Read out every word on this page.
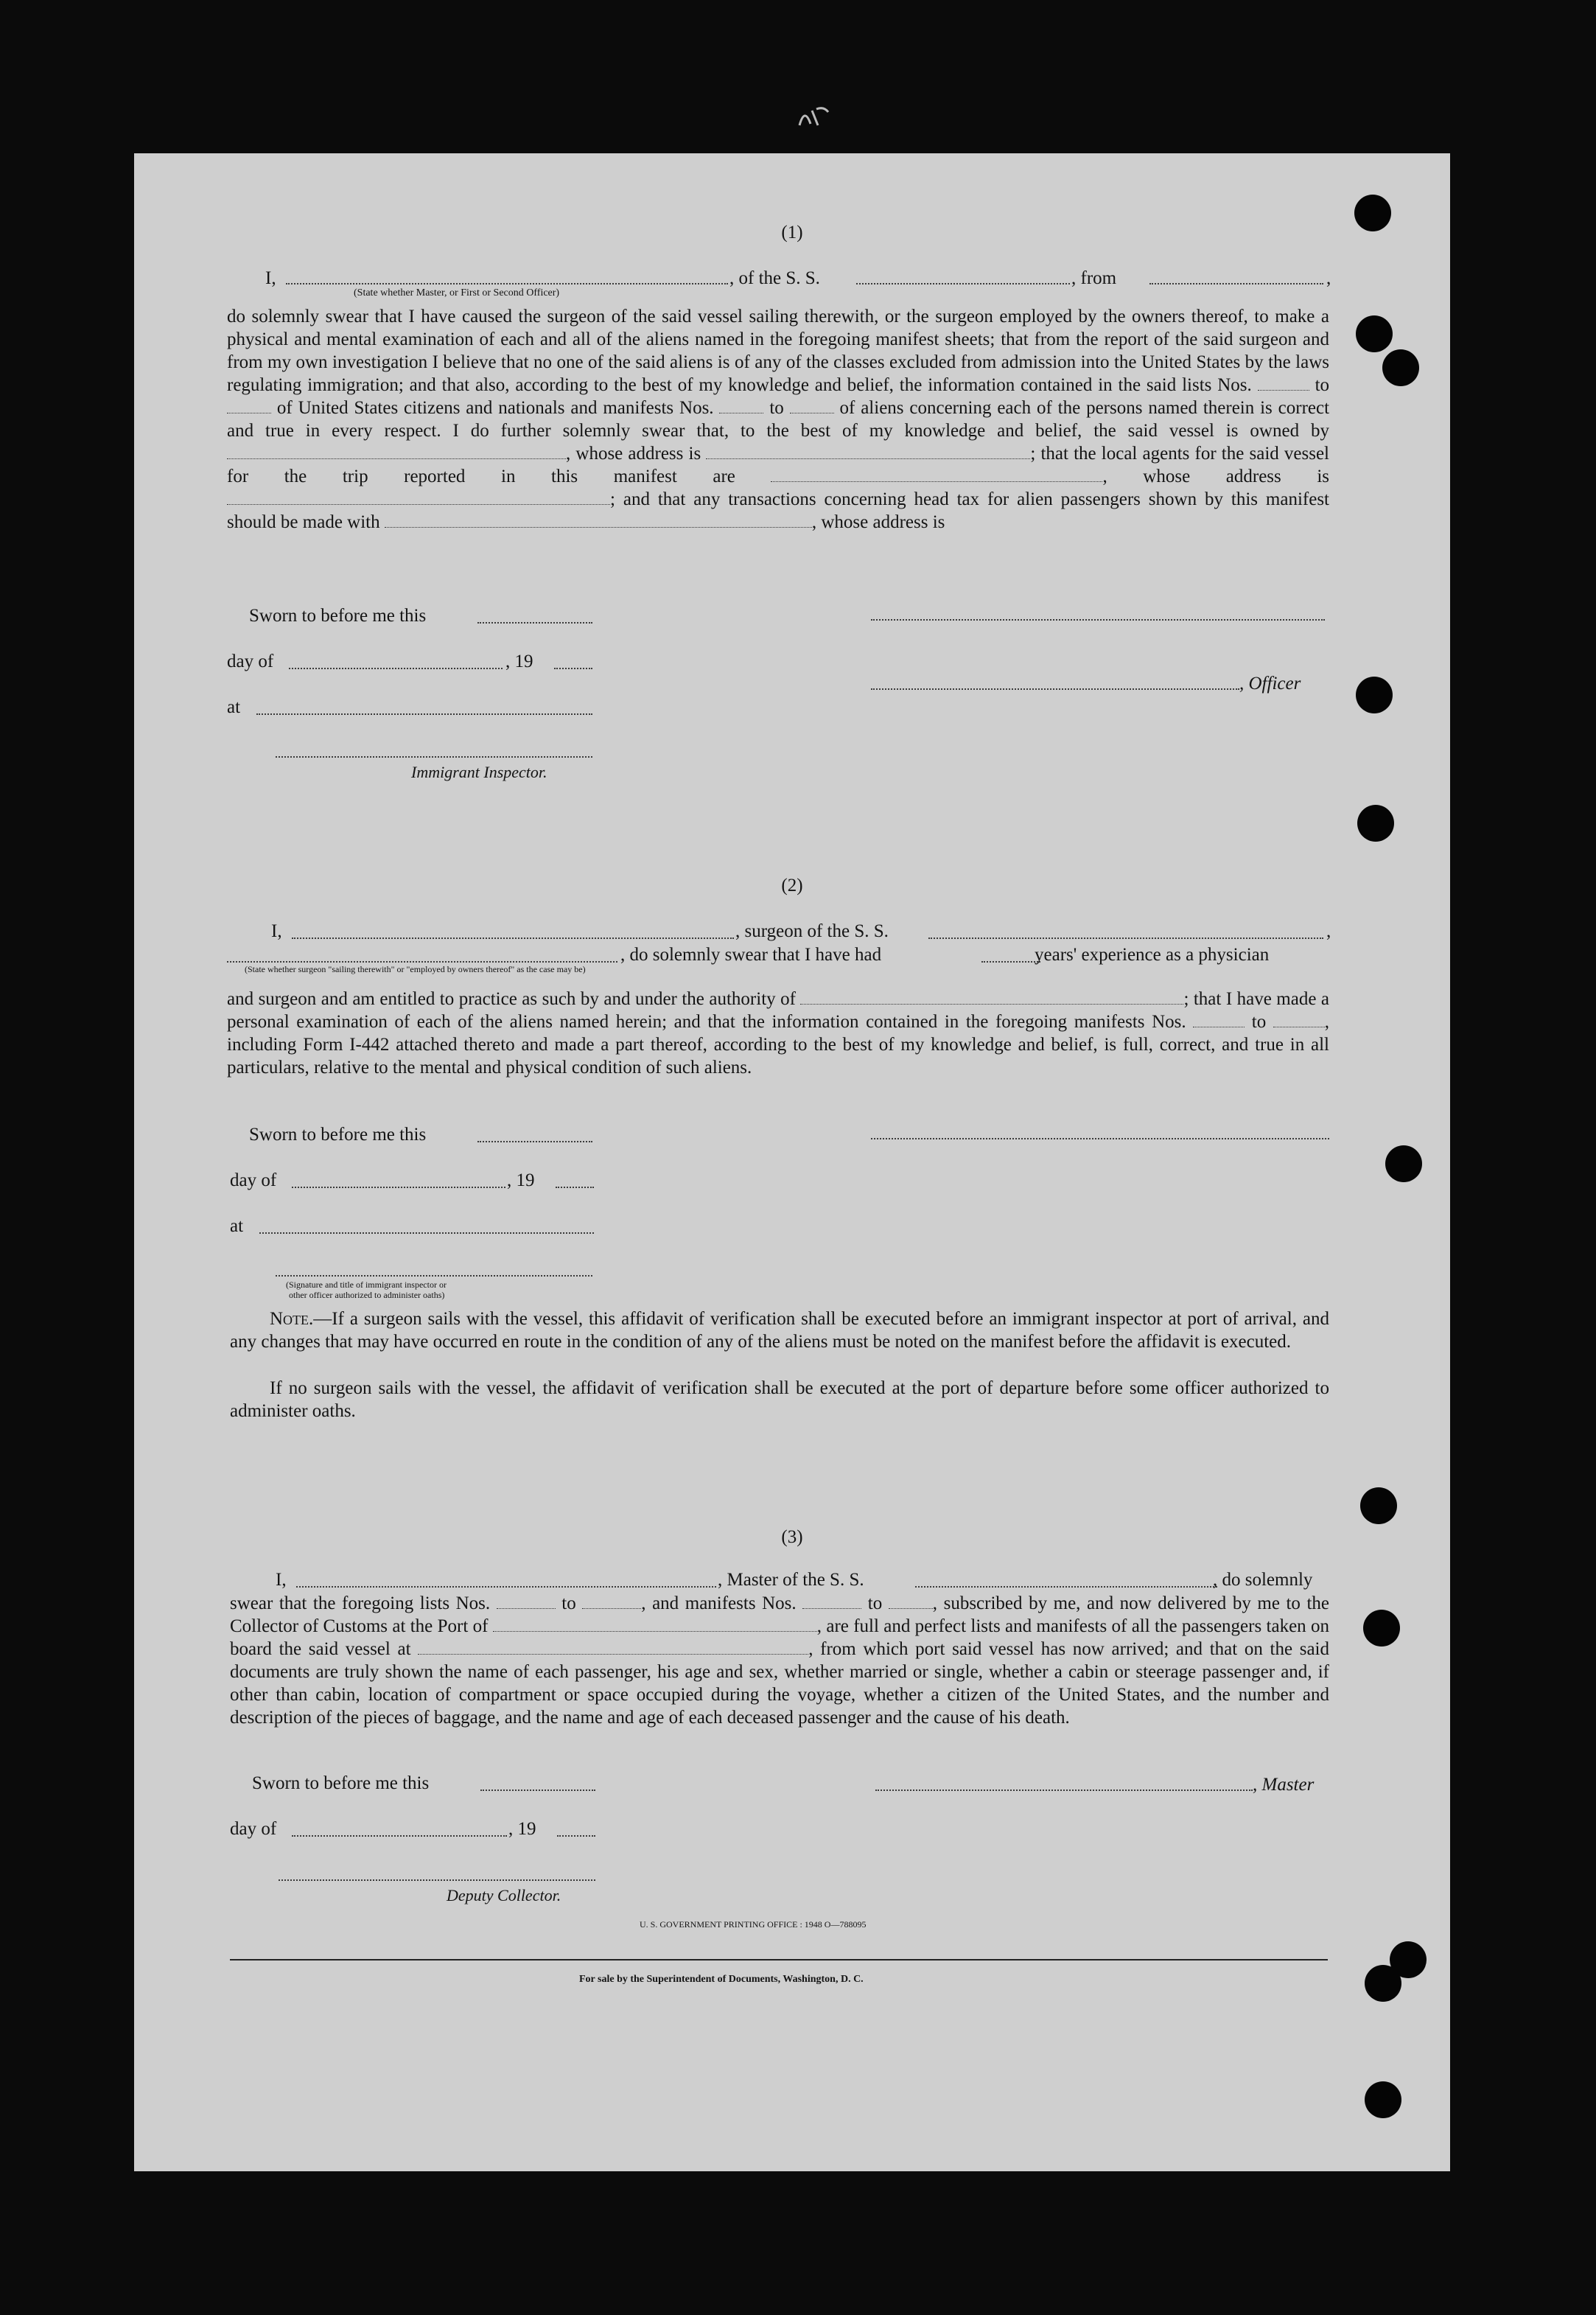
(1)
I,	, of the S. S.	, from	,
(State whether Master, or First or Second Officer)
do solemnly swear that I have caused the surgeon of the said vessel sailing therewith, or the surgeon employed by the owners thereof, to make a physical and mental examination of each and all of the aliens named in the foregoing manifest sheets; that from the report of the said surgeon and from my own investigation I believe that no one of the said aliens is of any of the classes excluded from admission into the United States by the laws regulating immigration; and that also, according to the best of my knowledge and belief, the information contained in the said lists Nos.	to  of United States citizens and nationals and manifests Nos.	to	of aliens concerning each of the persons named therein is correct and true in every respect. I do further solemnly swear that, to the best of my knowledge and belief, the said vessel is owned by , whose address is	; that the local agents for the said vessel for the trip reported in this manifest are	, whose address is ; and that any transactions concerning head tax for alien passengers shown by this manifest should be made with	, whose address is
Sworn to before me this
day of	, 19
, Officer
at
Immigrant Inspector.
(2)
I,	, surgeon of the S. S.	,
, do solemnly swear that I have had	years' experience as a physician
(State whether surgeon "sailing therewith" or "employed by owners thereof" as the case may be)
and surgeon and am entitled to practice as such by and under the authority of	; that I have made a personal examination of each of the aliens named herein; and that the information contained in the foregoing manifests Nos.	to	, including Form I-442 attached thereto and made a part thereof, according to the best of my knowledge and belief, is full, correct, and true in all particulars, relative to the mental and physical condition of such aliens.
Sworn to before me this
day of	, 19
at
(Signature and title of immigrant inspector or
other officer authorized to administer oaths)
Note.—If a surgeon sails with the vessel, this affidavit of verification shall be executed before an immigrant inspector at port of arrival, and any changes that may have occurred en route in the condition of any of the aliens must be noted on the manifest before the affidavit is executed.
If no surgeon sails with the vessel, the affidavit of verification shall be executed at the port of departure before some officer authorized to administer oaths.
(3)
I,	, Master of the S. S.	, do solemnly
swear that the foregoing lists Nos.	to	, and manifests Nos.	to	, subscribed by me, and now delivered by me to the Collector of Customs at the Port of	, are full and perfect lists and manifests of all the passengers taken on board the said vessel at	, from which port said vessel has now arrived; and that on the said documents are truly shown the name of each passenger, his age and sex, whether married or single, whether a cabin or steerage passenger and, if other than cabin, location of compartment or space occupied during the voyage, whether a citizen of the United States, and the number and description of the pieces of baggage, and the name and age of each deceased passenger and the cause of his death.
Sworn to before me this	, Master
day of	, 19
Deputy Collector.
U. S. GOVERNMENT PRINTING OFFICE : 1948 O—788095
For sale by the Superintendent of Documents, Washington, D. C.
